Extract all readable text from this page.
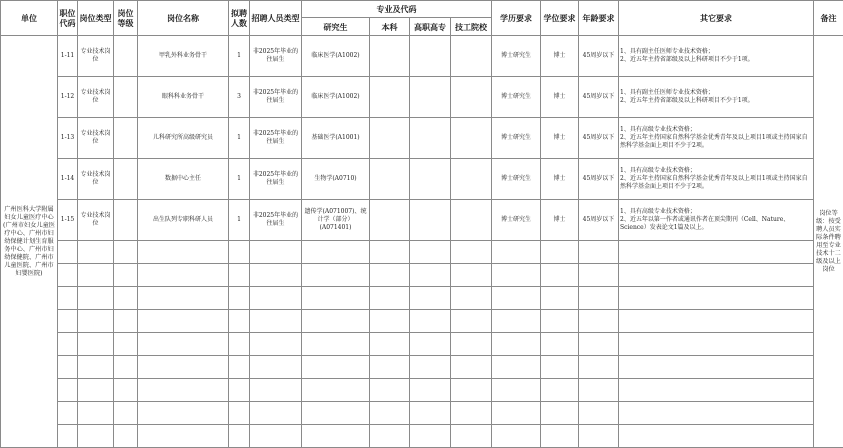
单位	职位代码	岗位类型	岗位等级	岗位名称	拟聘人数	招聘人员类型	专业及代码				学历要求	学位要求	年龄要求	其它要求	备注
							研究生	本科	高职高专	技工院校					
广州医科大学附属妇女儿童医疗中心(广州市妇女儿童医疗中心、广州市妇幼保健计划生育服务中心、广州市妇幼保健院、广州市儿童医院、广州市妇婴医院)	1-11	专业技术岗位		甲乳外科业务骨干	1	非2025年毕业的往届生	临床医学(A1002)				博士研究生	博士	45周岁以下	1、具有副主任医师专业技术资格；
2、近五年主持省部级及以上科研项目不少于1项。	岗位等级：按受聘人员实际条件聘用至专业技术十二级及以上岗位
	1-12	专业技术岗位		眼科科业务骨干	3	非2025年毕业的往届生	临床医学(A1002)				博士研究生	博士	45周岁以下	1、具有副主任医师专业技术资格；
2、近五年主持省部级及以上科研项目不少于1项。	

	1-13	专业技术岗位		儿科研究所高级研究员	1	非2025年毕业的往届生	基础医学(A1001)				博士研究生	博士	45周岁以下	1、具有高级专业技术资格；
2、近五年主持国家自然科学基金优秀青年及以上项目1项或主持国家自然科学基金面上项目不少于2项。	

	1-14	专业技术岗位		数据中心主任	1	非2025年毕业的往届生	生物学(A0710)				博士研究生	博士	45周岁以下	1、具有高级专业技术资格；
2、近五年主持国家自然科学基金优秀青年及以上项目1项或主持国家自然科学基金面上项目不少于2项。	

	1-15	专业技术岗位		出生队列专职科研人员	1	非2025年毕业的往届生	遗传学(A071007)、统计学（部分）(A071401)				博士研究生	博士	45周岁以下	1、具有高级专业技术资格；
2、近五年以第一作者或通讯作者在顶尖期刊（Cell、Nature、Science）发表论文1篇及以上。	
